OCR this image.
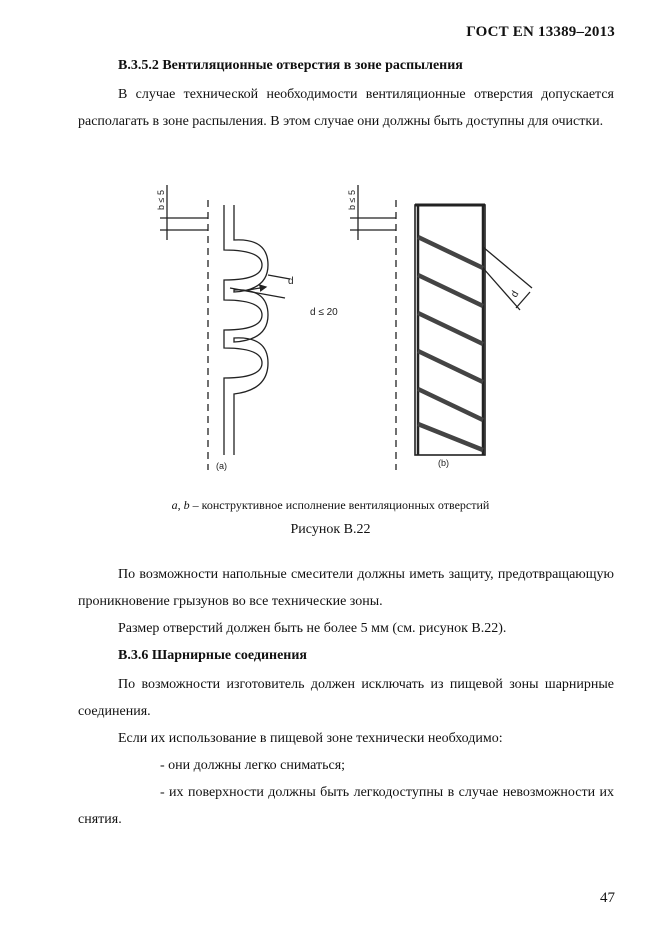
ГОСТ EN 13389–2013
В.3.5.2 Вентиляционные отверстия в зоне распыления
В случае технической необходимости вентиляционные отверстия допускается располагать в зоне распыления. В этом случае они должны быть доступны для очистки.
b ≤ 5
d
d ≤ 20
(a)
b ≤ 5
d
(b)
a, b – конструктивное исполнение вентиляционных отверстий
Рисунок В.22
По возможности напольные смесители должны иметь защиту, предотвращающую проникновение грызунов во все технические зоны.
Размер отверстий должен быть не более 5 мм (см. рисунок В.22).
В.3.6 Шарнирные соединения
По возможности изготовитель должен исключать из пищевой зоны шарнирные соединения.
Если их использование в пищевой зоне технически необходимо:
- они должны легко сниматься;
- их поверхности должны быть легкодоступны в случае невозможности их снятия.
47
